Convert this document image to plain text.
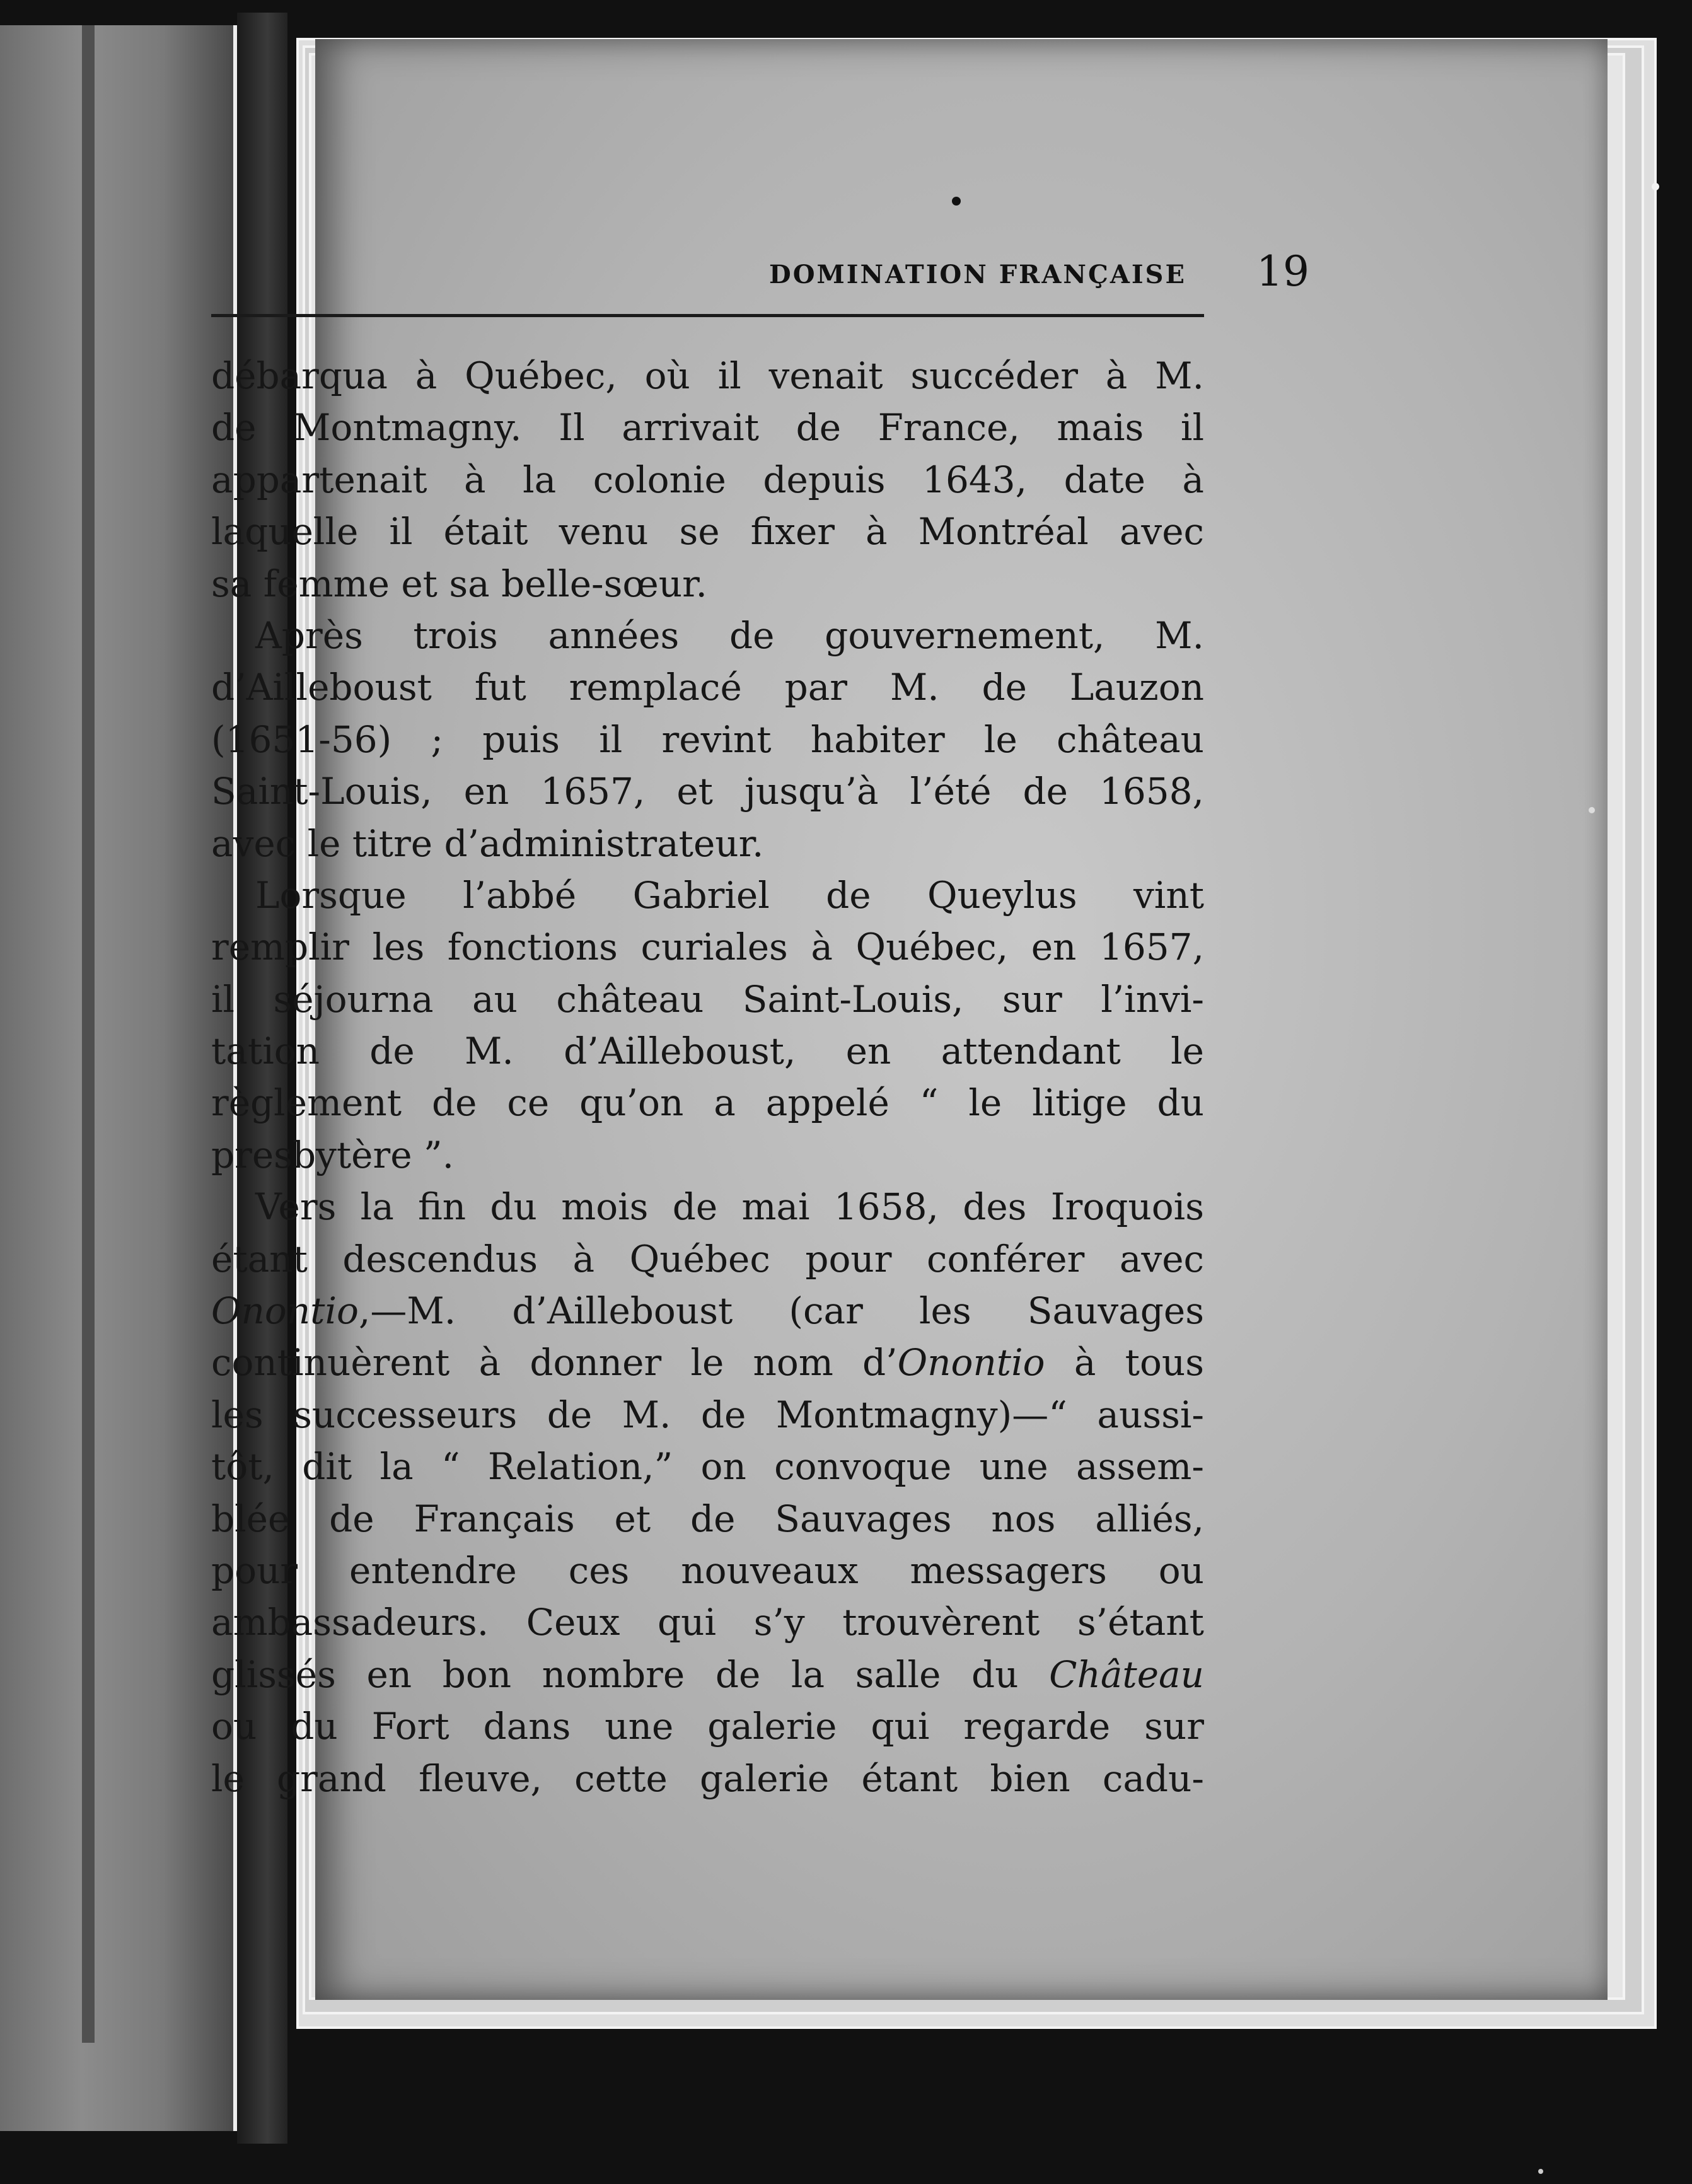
DOMINATION FRANÇAISE 19
débarqua à Québec, où il venait succéder à M.
de Montmagny. Il arrivait de France, mais il
appartenait à la colonie depuis 1643, date à
laquelle il était venu se fixer à Montréal avec
sa femme et sa belle-sœur.
Après trois années de gouvernement, M.
d’Ailleboust fut remplacé par M. de Lauzon
(1651-56) ; puis il revint habiter le château
Saint-Louis, en 1657, et jusqu’à l’été de 1658,
avec le titre d’administrateur.
Lorsque l’abbé Gabriel de Queylus vint
remplir les fonctions curiales à Québec, en 1657,
il séjourna au château Saint-Louis, sur l’invi-
tation de M. d’Ailleboust, en attendant le
règlement de ce qu’on a appelé “ le litige du
presbytère ”.
Vers la fin du mois de mai 1658, des Iroquois
étant descendus à Québec pour conférer avec
Onontio,—M. d’Ailleboust (car les Sauvages
continuèrent à donner le nom d’Onontio à tous
les successeurs de M. de Montmagny)—“ aussi-
tôt, dit la “ Relation,” on convoque une assem-
blée de Français et de Sauvages nos alliés,
pour entendre ces nouveaux messagers ou
ambassadeurs. Ceux qui s’y trouvèrent s’étant
glissés en bon nombre de la salle du Château
ou du Fort dans une galerie qui regarde sur
le grand fleuve, cette galerie étant bien cadu-
